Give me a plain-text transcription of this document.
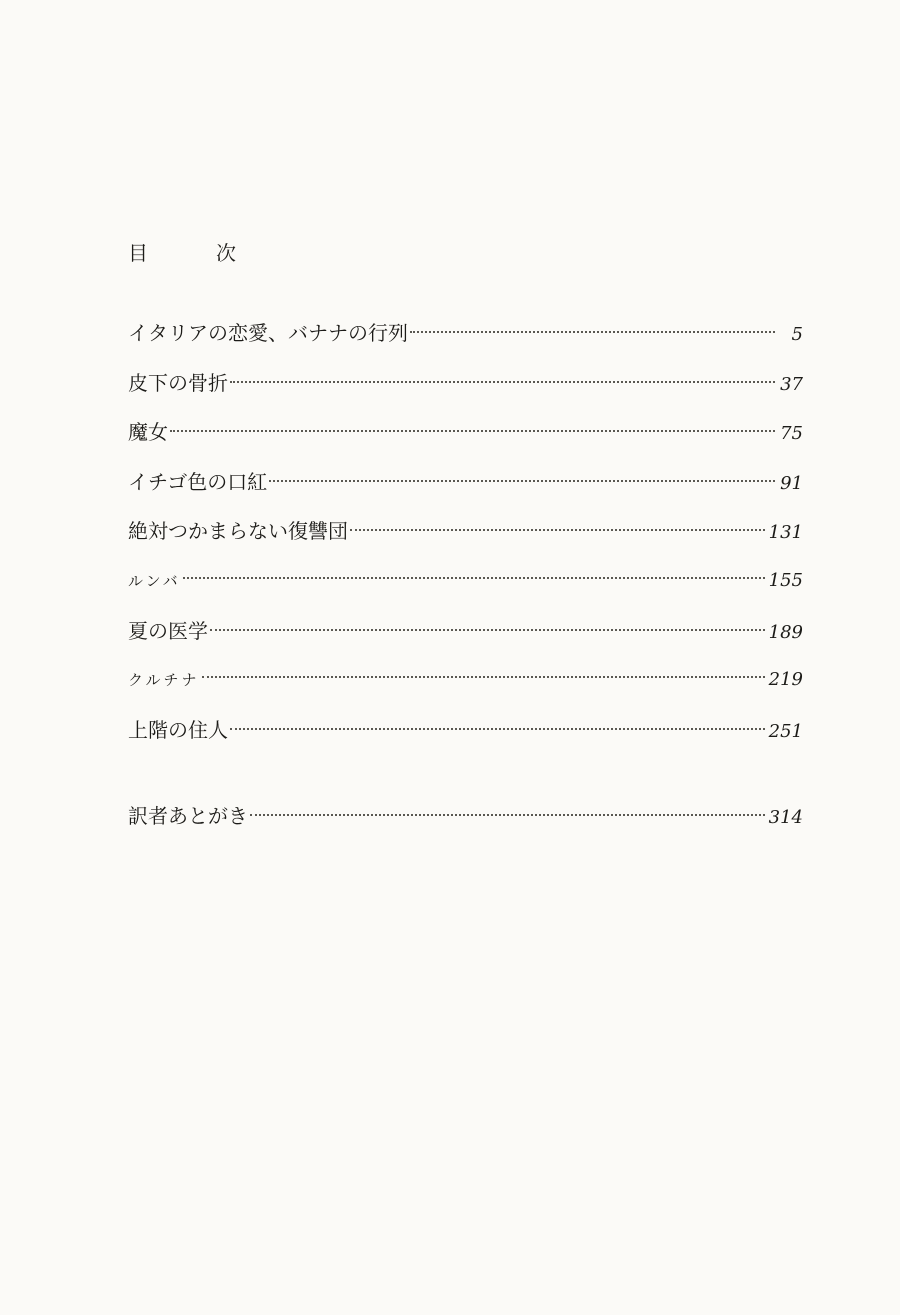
目　次
イタリアの恋愛、バナナの行列	5
皮下の骨折	37
魔女	75
イチゴ色の口紅	91
絶対つかまらない復讐団	131
ルンバ	155
夏の医学	189
クルチナ	219
上階の住人	251
訳者あとがき	314
